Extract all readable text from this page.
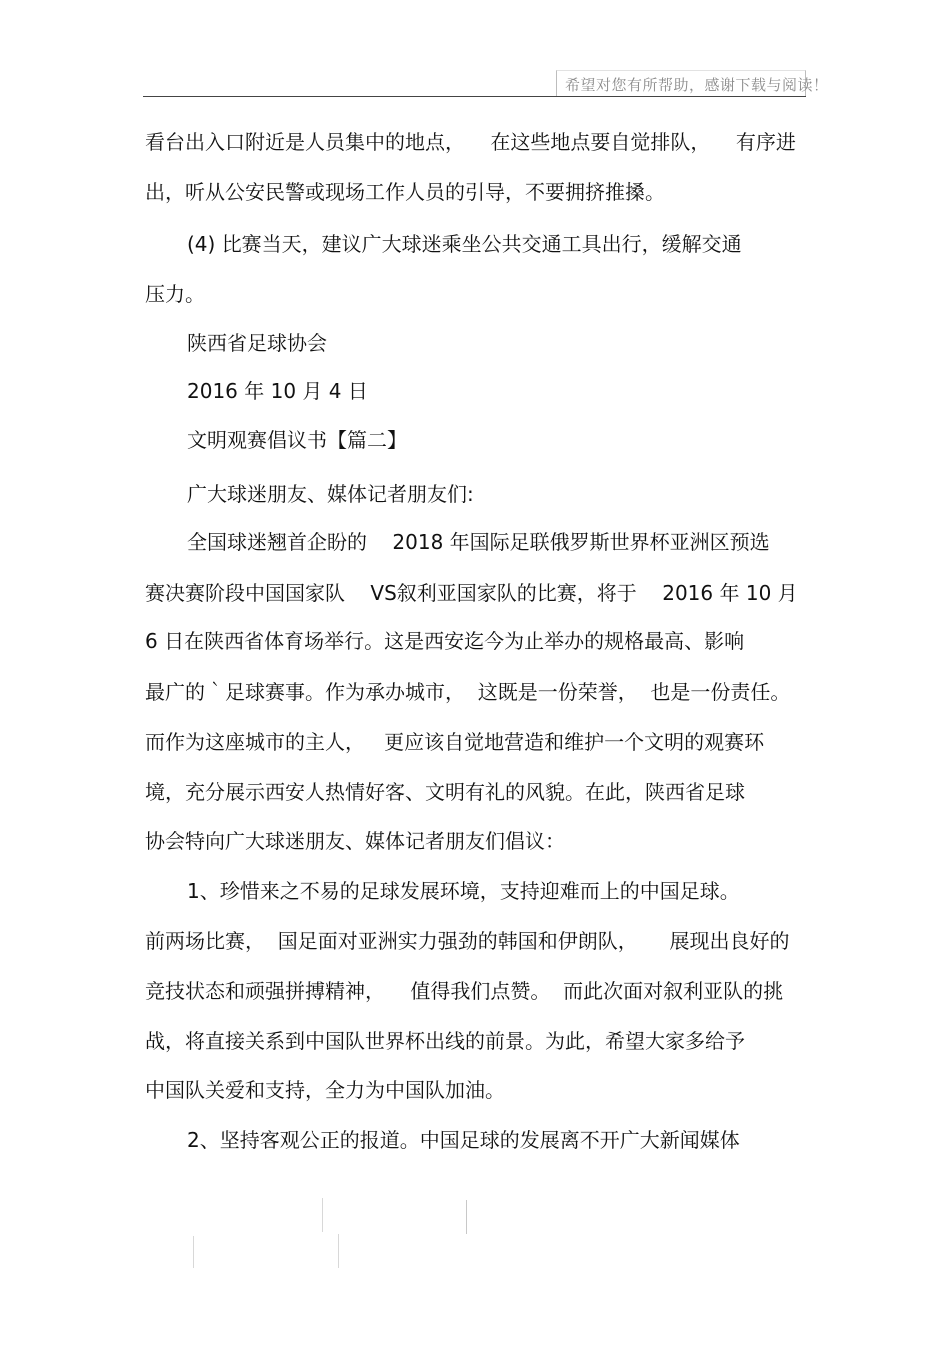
希望对您有所帮助，感谢下载与阅读！
看台出入口附近是人员集中的地点，    在这些地点要自觉排队，    有序进
出，听从公安民警或现场工作人员的引导，不要拥挤推搡。
(4) 比赛当天，建议广大球迷乘坐公共交通工具出行，缓解交通
压力。
陕西省足球协会
2016 年 10 月 4 日
文明观赛倡议书【篇二】
广大球迷朋友、媒体记者朋友们:
全国球迷翘首企盼的    2018 年国际足联俄罗斯世界杯亚洲区预选
赛决赛阶段中国国家队    VS叙利亚国家队的比赛，将于    2016 年 10 月
6 日在陕西省体育场举行。这是西安迄今为止举办的规格最高、影响
最广的｀足球赛事。作为承办城市，  这既是一份荣誉，  也是一份责任。
而作为这座城市的主人，   更应该自觉地营造和维护一个文明的观赛环
境，充分展示西安人热情好客、文明有礼的风貌。在此，陕西省足球
协会特向广大球迷朋友、媒体记者朋友们倡议：
1、珍惜来之不易的足球发展环境，支持迎难而上的中国足球。
前两场比赛，  国足面对亚洲实力强劲的韩国和伊朗队，     展现出良好的
竞技状态和顽强拼搏精神，    值得我们点赞。  而此次面对叙利亚队的挑
战，将直接关系到中国队世界杯出线的前景。为此，希望大家多给予
中国队关爱和支持，全力为中国队加油。
2、坚持客观公正的报道。中国足球的发展离不开广大新闻媒体
